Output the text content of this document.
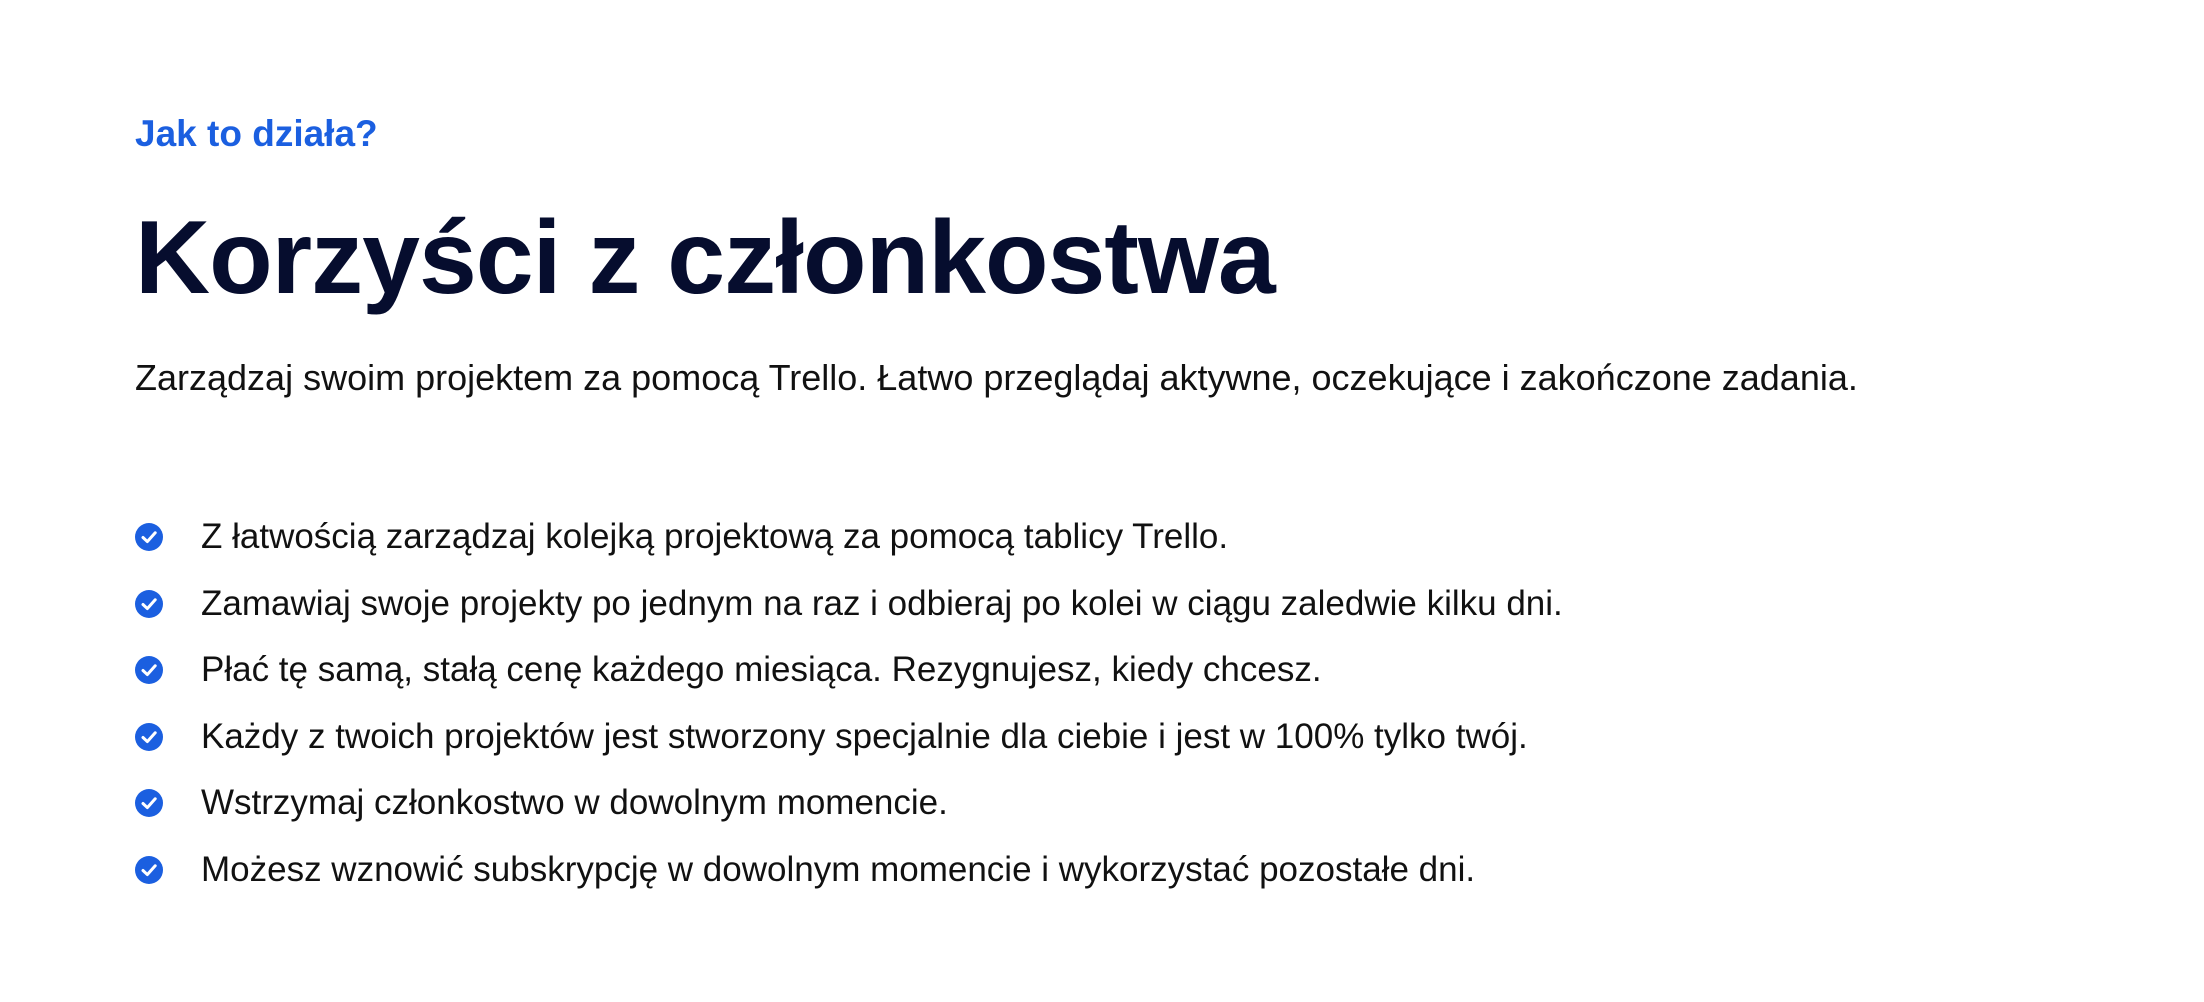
Jak to działa?
Korzyści z członkostwa
Zarządzaj swoim projektem za pomocą Trello. Łatwo przeglądaj aktywne, oczekujące i zakończone zadania.
Z łatwością zarządzaj kolejką projektową za pomocą tablicy Trello.
Zamawiaj swoje projekty po jednym na raz i odbieraj po kolei w ciągu zaledwie kilku dni.
Płać tę samą, stałą cenę każdego miesiąca. Rezygnujesz, kiedy chcesz.
Każdy z twoich projektów jest stworzony specjalnie dla ciebie i jest w 100% tylko twój.
Wstrzymaj członkostwo w dowolnym momencie.
Możesz wznowić subskrypcję w dowolnym momencie i wykorzystać pozostałe dni.
